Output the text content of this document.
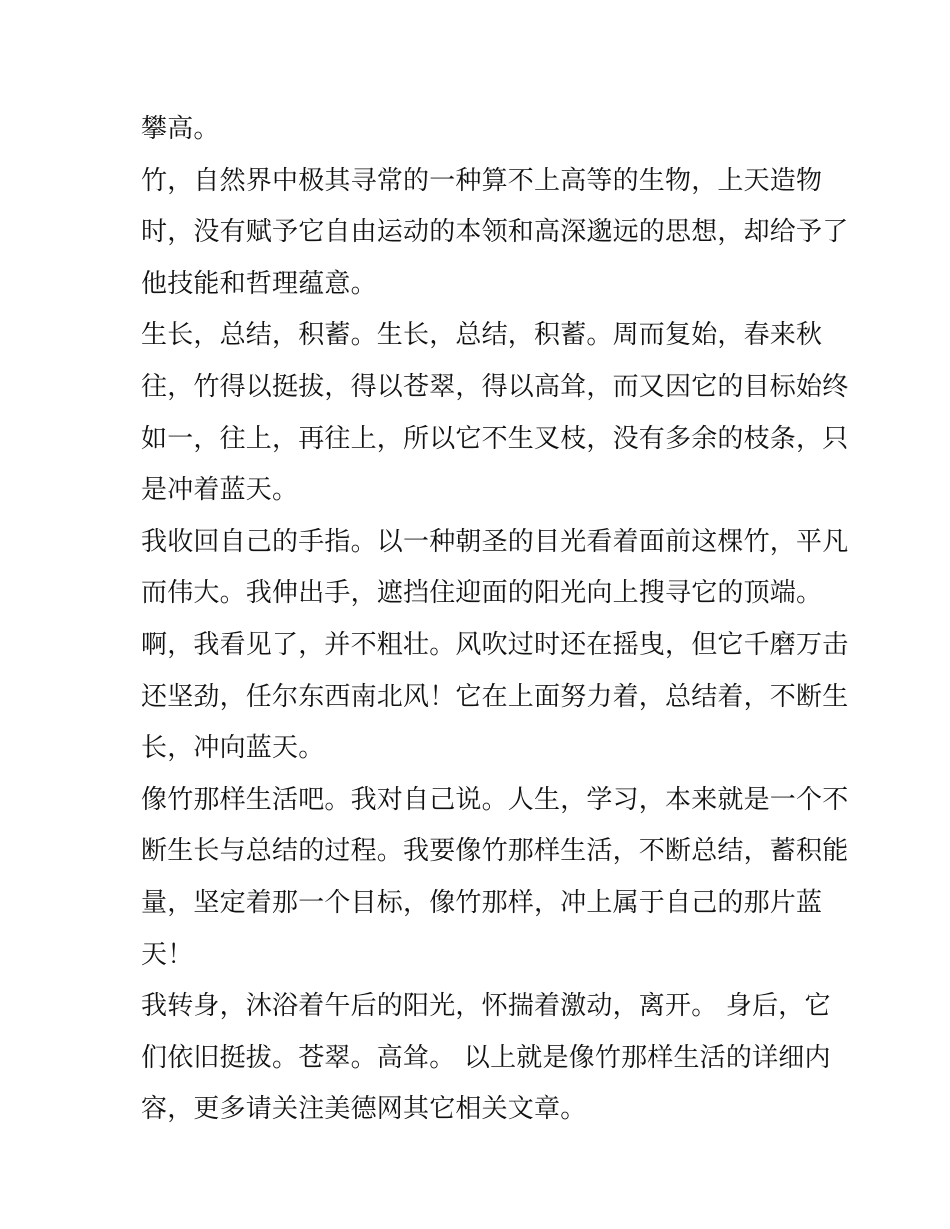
攀高。
竹，自然界中极其寻常的一种算不上高等的生物，上天造物
时，没有赋予它自由运动的本领和高深邈远的思想，却给予了
他技能和哲理蕴意。
生长，总结，积蓄。生长，总结，积蓄。周而复始，春来秋
往，竹得以挺拔，得以苍翠，得以高耸，而又因它的目标始终
如一，往上，再往上，所以它不生叉枝，没有多余的枝条，只
是冲着蓝天。
我收回自己的手指。以一种朝圣的目光看着面前这棵竹，平凡
而伟大。我伸出手，遮挡住迎面的阳光向上搜寻它的顶端。
啊，我看见了，并不粗壮。风吹过时还在摇曳，但它千磨万击
还坚劲，任尔东西南北风！它在上面努力着，总结着，不断生
长，冲向蓝天。
像竹那样生活吧。我对自己说。人生，学习，本来就是一个不
断生长与总结的过程。我要像竹那样生活，不断总结，蓄积能
量，坚定着那一个目标，像竹那样，冲上属于自己的那片蓝
天！
我转身，沐浴着午后的阳光，怀揣着激动，离开。 身后，它
们依旧挺拔。苍翠。高耸。 以上就是像竹那样生活的详细内
容，更多请关注美德网其它相关文章。
